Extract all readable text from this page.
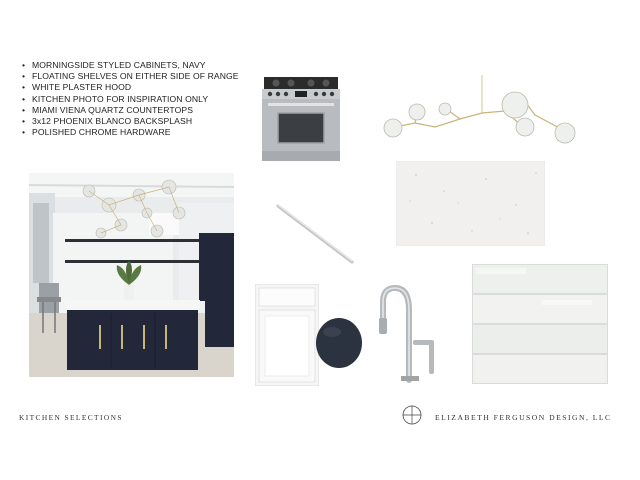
• MORNINGSIDE STYLED CABINETS, NAVY
• FLOATING SHELVES ON EITHER SIDE OF RANGE
• WHITE PLASTER HOOD
• KITCHEN PHOTO FOR INSPIRATION ONLY
• MIAMI VIENA QUARTZ COUNTERTOPS
• 3x12 PHOENIX BLANCO BACKSPLASH
• POLISHED CHROME HARDWARE
KITCHEN SELECTIONS	ELIZABETH FERGUSON DESIGN, LLC
